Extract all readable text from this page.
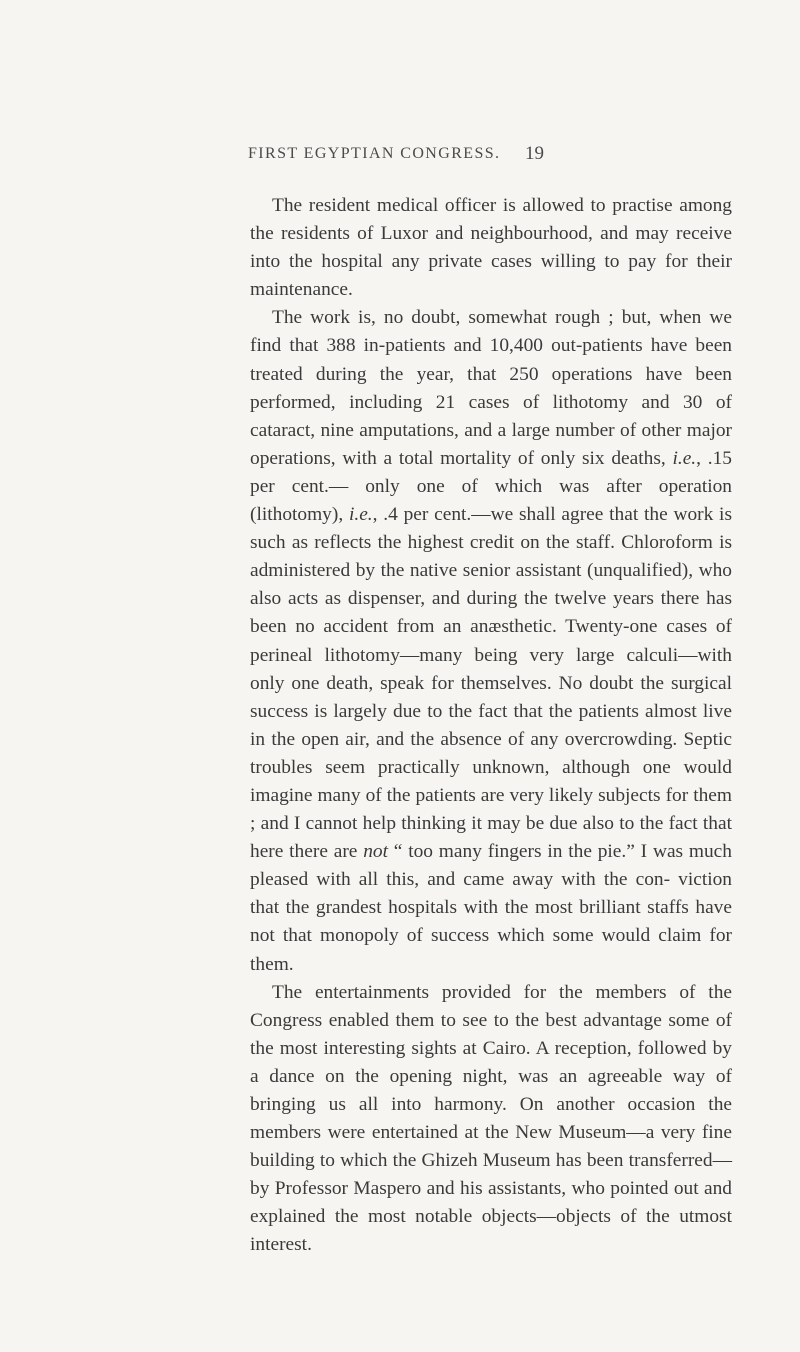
FIRST EGYPTIAN CONGRESS. 19

The resident medical officer is allowed to practise among the residents of Luxor and neighbourhood, and may receive into the hospital any private cases willing to pay for their maintenance.

The work is, no doubt, somewhat rough ; but, when we find that 388 in-patients and 10,400 out-patients have been treated during the year, that 250 operations have been performed, including 21 cases of lithotomy and 30 of cataract, nine amputations, and a large number of other major operations, with a total mortality of only six deaths, i.e., .15 per cent.— only one of which was after operation (lithotomy), i.e., .4 per cent.—we shall agree that the work is such as reflects the highest credit on the staff. Chloroform is administered by the native senior assistant (unqualified), who also acts as dispenser, and during the twelve years there has been no accident from an anæsthetic. Twenty-one cases of perineal lithotomy—many being very large calculi—with only one death, speak for themselves. No doubt the surgical success is largely due to the fact that the patients almost live in the open air, and the absence of any overcrowding. Septic troubles seem practically unknown, although one would imagine many of the patients are very likely subjects for them ; and I cannot help thinking it may be due also to the fact that here there are not “ too many fingers in the pie.” I was much pleased with all this, and came away with the con- viction that the grandest hospitals with the most brilliant staffs have not that monopoly of success which some would claim for them.

The entertainments provided for the members of the Congress enabled them to see to the best advantage some of the most interesting sights at Cairo. A reception, followed by a dance on the opening night, was an agreeable way of bringing us all into harmony. On another occasion the members were entertained at the New Museum—a very fine building to which the Ghizeh Museum has been transferred— by Professor Maspero and his assistants, who pointed out and explained the most notable objects—objects of the utmost interest.
